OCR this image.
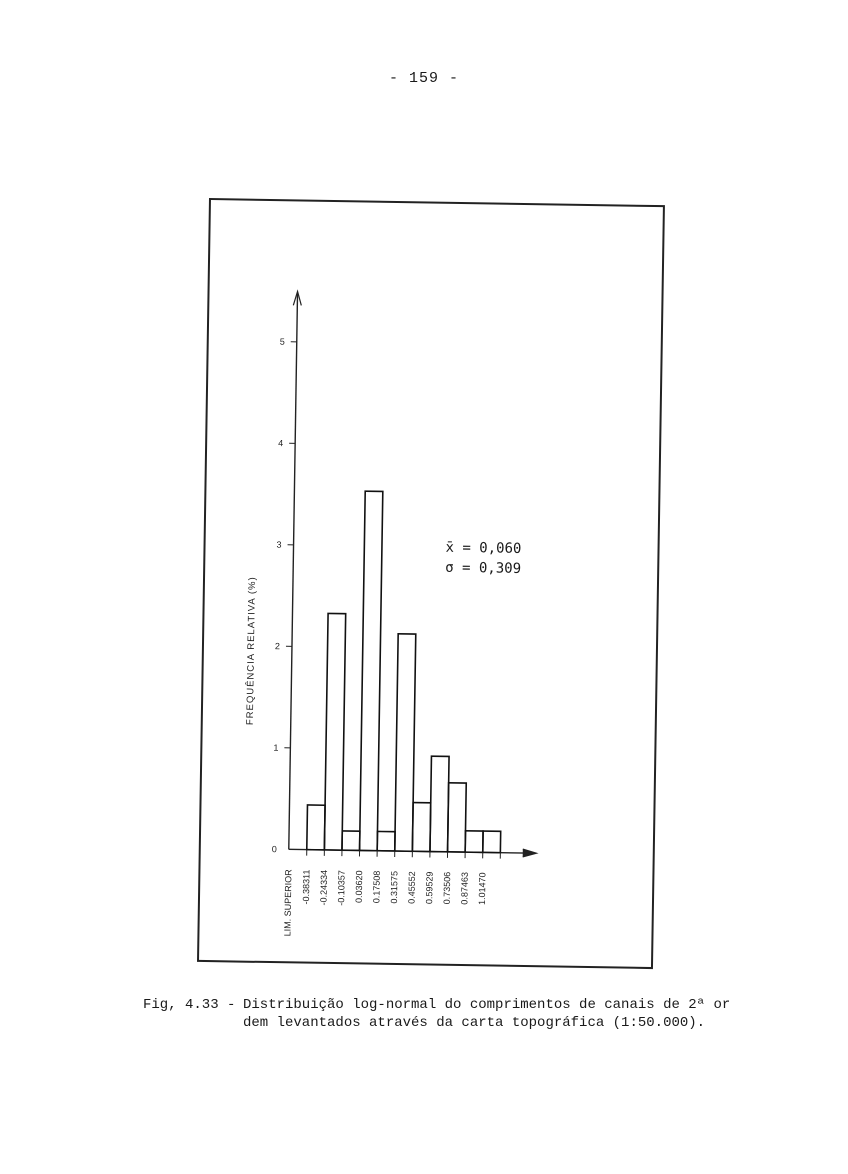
- 159 -
0
1
2
3
4
5
FREQUÊNCIA RELATIVA (%)
-0.38311 -0.24334 -0.10357 0.03620 0.17508 0.31575 0.45552 0.59529 0.73506 0.87463 1.01470
LIM. SUPERIOR
x̄ = 0,060
σ = 0,309
Fig, 4.33 - Distribuição log-normal do comprimentos de canais de 2ª or
dem levantados através da carta topográfica (1:50.000).
